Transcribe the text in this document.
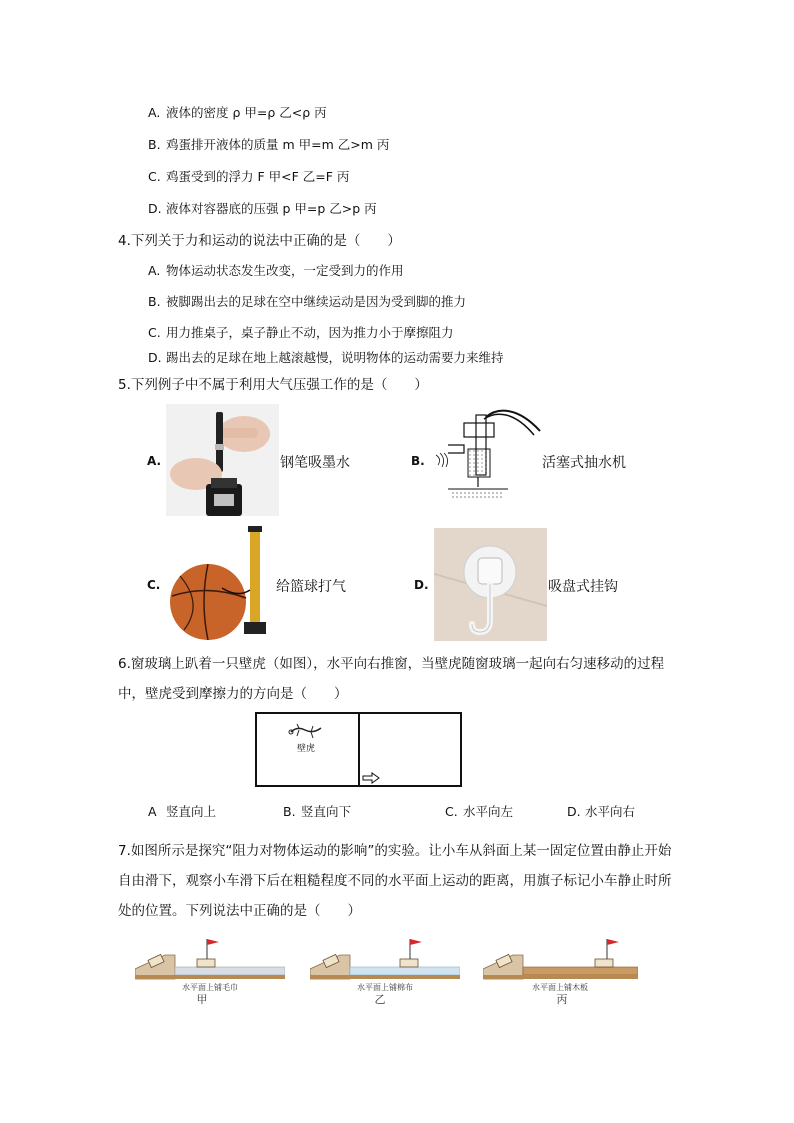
A. 液体的密度 ρ 甲=ρ 乙<ρ 丙
B. 鸡蛋排开液体的质量 m 甲=m 乙>m 丙
C. 鸡蛋受到的浮力 F 甲<F 乙=F 丙
D. 液体对容器底的压强 p 甲=p 乙>p 丙
4.下列关于力和运动的说法中正确的是（　　）
A. 物体运动状态发生改变，一定受到力的作用
B. 被脚踢出去的足球在空中继续运动是因为受到脚的推力
C. 用力推桌子，桌子静止不动，因为推力小于摩擦阻力
D. 踢出去的足球在地上越滚越慢，说明物体的运动需要力来维持
5.下列例子中不属于利用大气压强工作的是（　　）
A.	钢笔吸墨水	B.	活塞式抽水机
C.	给篮球打气	D.	吸盘式挂钩
6.窗玻璃上趴着一只壁虎（如图），水平向右推窗，当壁虎随窗玻璃一起向右匀速移动的过程中，壁虎受到摩擦力的方向是（　　）
壁虎
A 竖直向上	B. 竖直向下	C. 水平向左	D. 水平向右
7.如图所示是探究“阻力对物体运动的影响”的实验。让小车从斜面上某一固定位置由静止开始自由滑下，观察小车滑下后在粗糙程度不同的水平面上运动的距离，用旗子标记小车静止时所处的位置。下列说法中正确的是（　　）
水平面上铺毛巾
甲
水平面上铺棉布
乙
水平面上铺木板
丙
